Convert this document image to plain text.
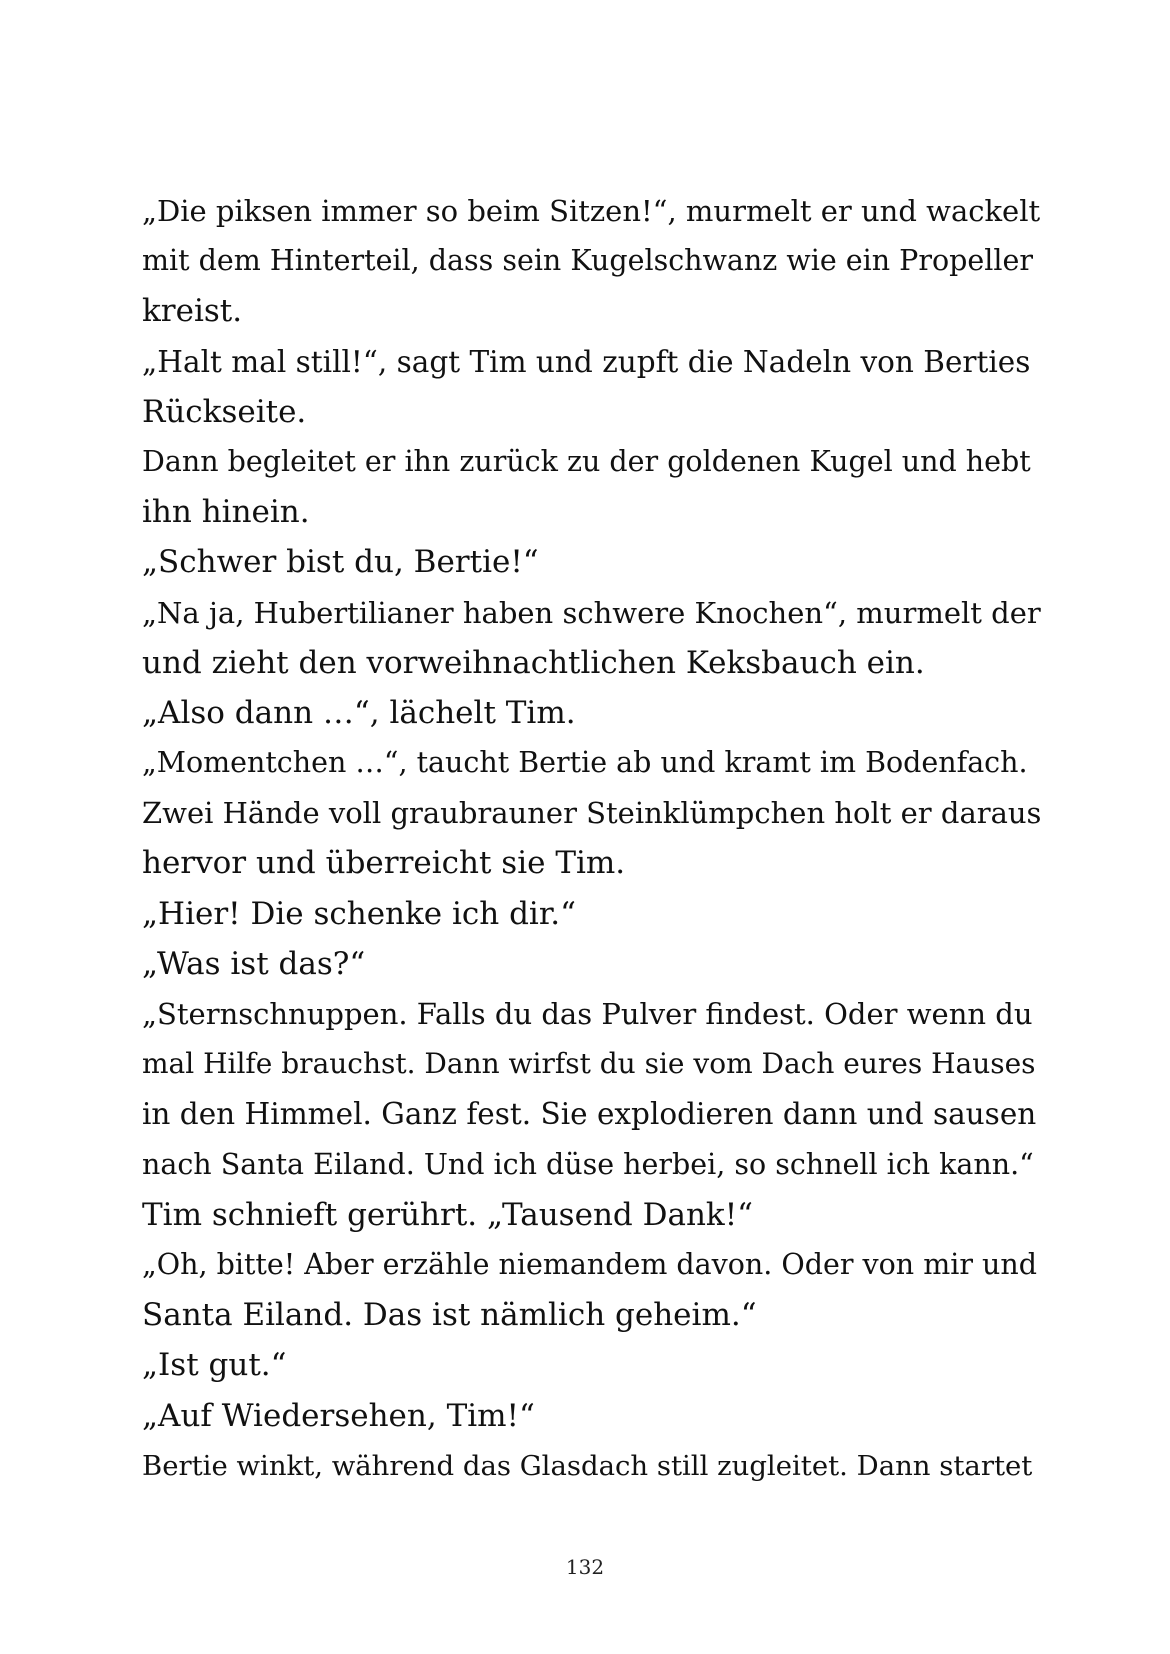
„Die piksen immer so beim Sitzen!“, murmelt er und wackelt
mit dem Hinterteil, dass sein Kugelschwanz wie ein Propeller
kreist.
„Halt mal still!“, sagt Tim und zupft die Nadeln von Berties
Rückseite.
Dann begleitet er ihn zurück zu der goldenen Kugel und hebt
ihn hinein.
„Schwer bist du, Bertie!“
„Na ja, Hubertilianer haben schwere Knochen“, murmelt der
und zieht den vorweihnachtlichen Keksbauch ein.
„Also dann …“, lächelt Tim.
„Momentchen …“, taucht Bertie ab und kramt im Bodenfach.
Zwei Hände voll graubrauner Steinklümpchen holt er daraus
hervor und überreicht sie Tim.
„Hier! Die schenke ich dir.“
„Was ist das?“
„Sternschnuppen. Falls du das Pulver findest. Oder wenn du
mal Hilfe brauchst. Dann wirfst du sie vom Dach eures Hauses
in den Himmel. Ganz fest. Sie explodieren dann und sausen
nach Santa Eiland. Und ich düse herbei, so schnell ich kann.“
Tim schnieft gerührt. „Tausend Dank!“
„Oh, bitte! Aber erzähle niemandem davon. Oder von mir und
Santa Eiland. Das ist nämlich geheim.“
„Ist gut.“
„Auf Wiedersehen, Tim!“
Bertie winkt, während das Glasdach still zugleitet. Dann startet
132
